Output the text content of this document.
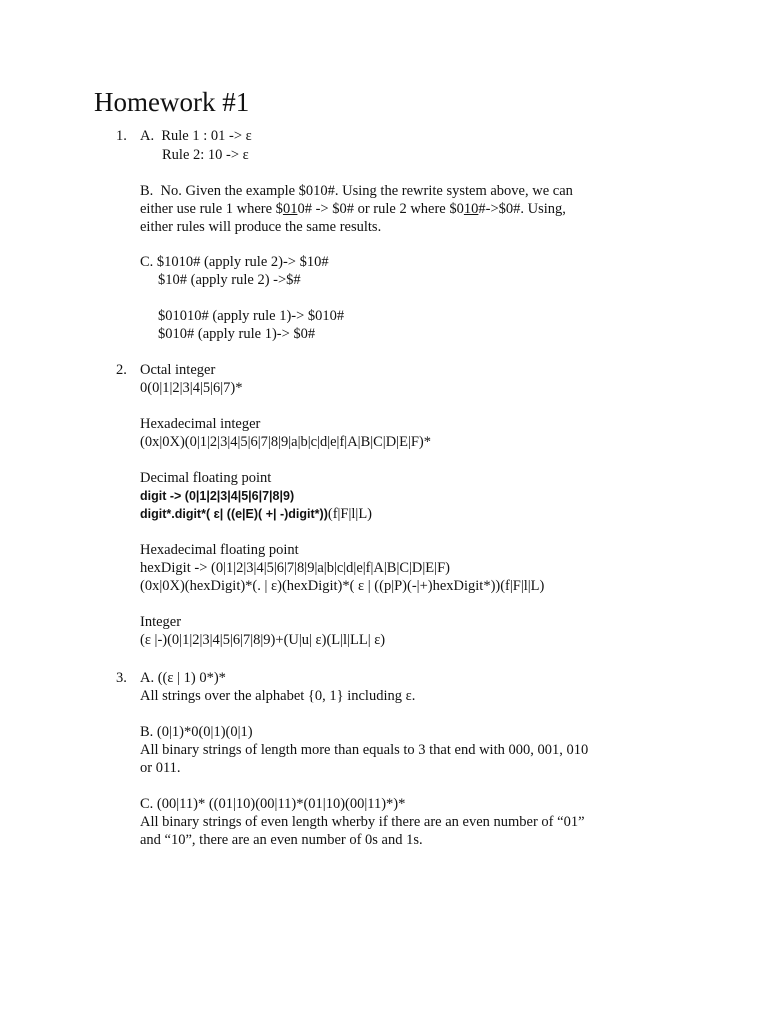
Homework #1
1. A.  Rule 1 : 01 -> ɛ
Rule 2: 10 -> ɛ
B.  No. Given the example $010#. Using the rewrite system above, we can
either use rule 1 where $010# -> $0# or rule 2 where $010#->$0#. Using,
either rules will produce the same results.
C. $1010# (apply rule 2)-> $10#
$10# (apply rule 2) ->$#
$01010# (apply rule 1)-> $010#
$010# (apply rule 1)-> $0#
2. Octal integer
0(0|1|2|3|4|5|6|7)*
Hexadecimal integer
(0x|0X)(0|1|2|3|4|5|6|7|8|9|a|b|c|d|e|f|A|B|C|D|E|F)*
Decimal floating point
digit -> (0|1|2|3|4|5|6|7|8|9)
digit*.digit*( ɛ| ((e|E)( +| -)digit*))(f|F|l|L)
Hexadecimal floating point
hexDigit -> (0|1|2|3|4|5|6|7|8|9|a|b|c|d|e|f|A|B|C|D|E|F)
(0x|0X)(hexDigit)*(. | ɛ)(hexDigit)*( ɛ | ((p|P)(-|+)hexDigit*))(f|F|l|L)
Integer
(ɛ |-)(0|1|2|3|4|5|6|7|8|9)+(U|u| ɛ)(L|l|LL| ɛ)
3. A. ((ɛ | 1) 0*)*
All strings over the alphabet {0, 1} including ɛ.
B. (0|1)*0(0|1)(0|1)
All binary strings of length more than equals to 3 that end with 000, 001, 010
or 011.
C. (00|11)* ((01|10)(00|11)*(01|10)(00|11)*)*
All binary strings of even length wherby if there are an even number of “01”
and “10”, there are an even number of 0s and 1s.
